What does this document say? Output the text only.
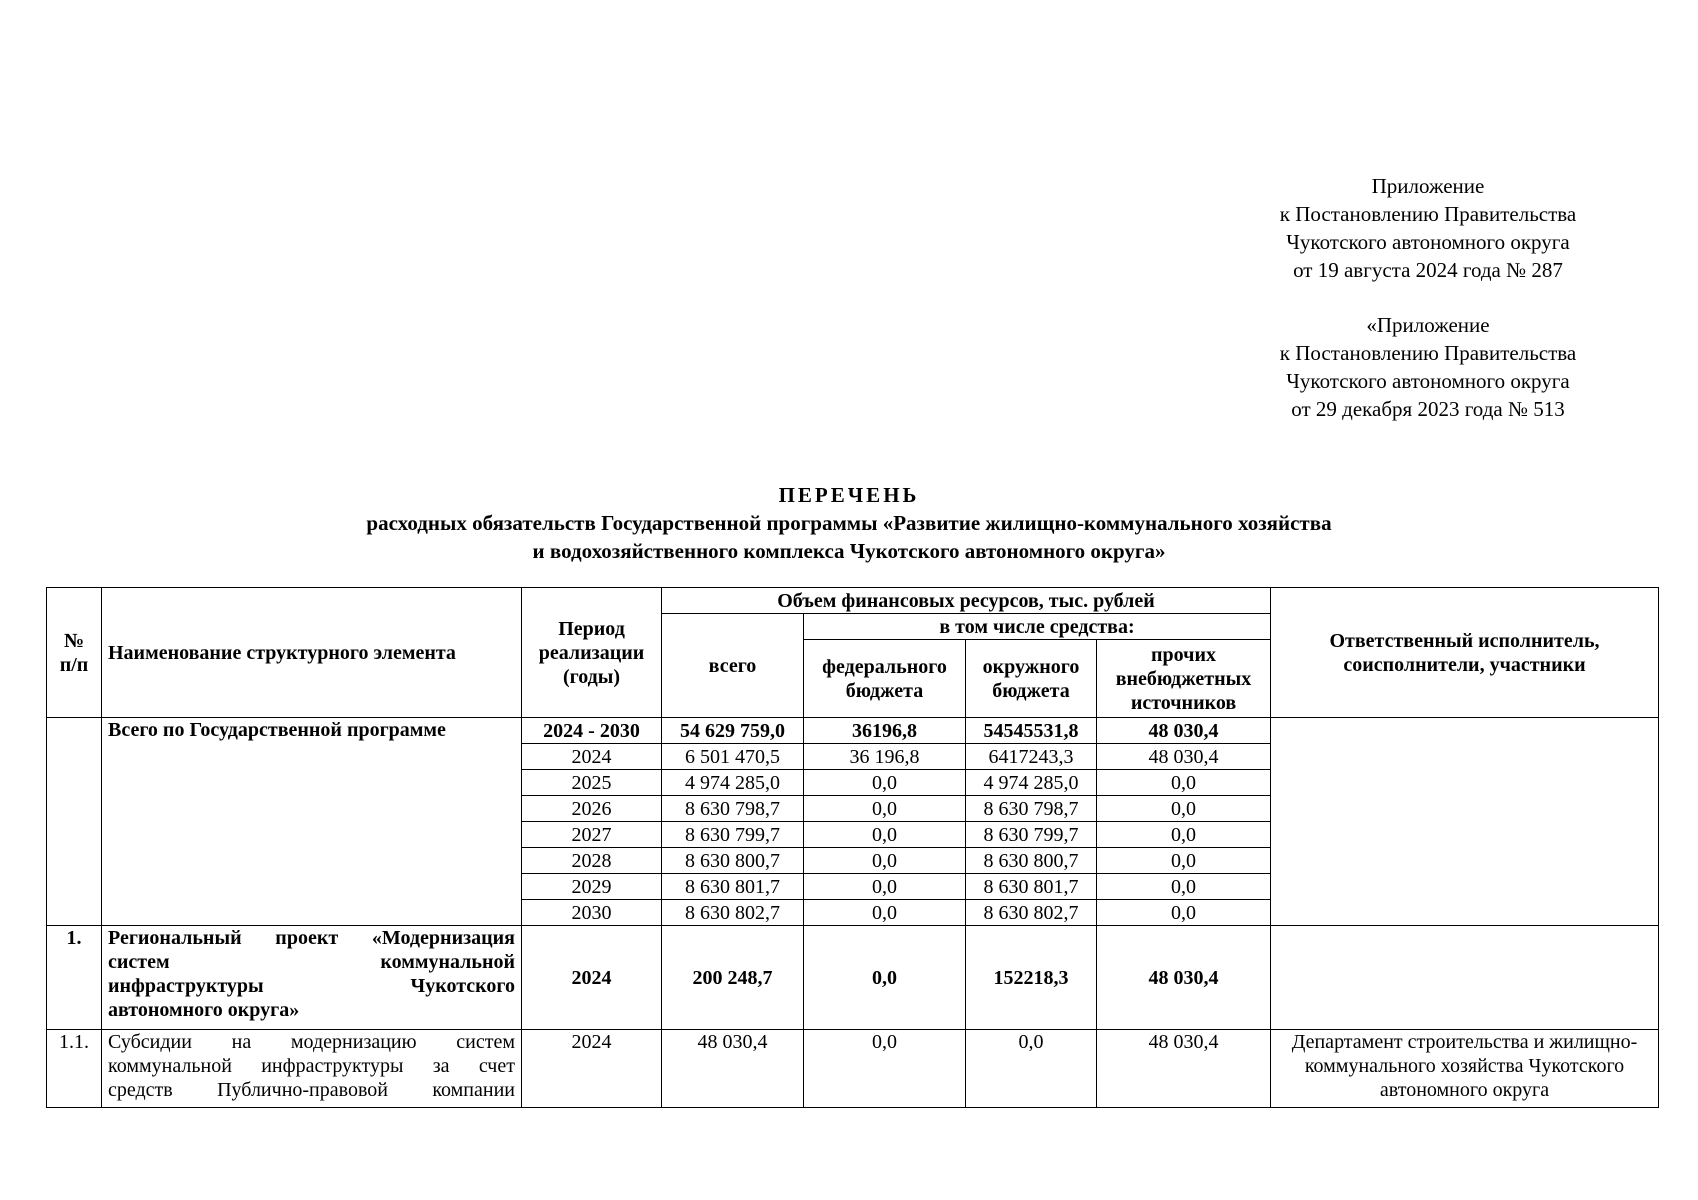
Приложение
к Постановлению Правительства
Чукотского автономного округа
от 19 августа 2024 года № 287
«Приложение
к Постановлению Правительства
Чукотского автономного округа
от 29 декабря 2023 года № 513
ПЕРЕЧЕНЬ
расходных обязательств Государственной программы «Развитие жилищно-коммунального хозяйства
и водохозяйственного комплекса Чукотского автономного округа»
№ п/п	Наименование структурного элемента	Период реализации (годы)	Объем финансовых ресурсов, тыс. рублей				Ответственный исполнитель, соисполнители, участники
			всего	в том числе средства:			
				федерального бюджета	окружного бюджета	прочих внебюджетных источников	
	Всего по Государственной программе	2024 - 2030	54 629 759,0	36196,8	54545531,8	48 030,4	
		2024	6 501 470,5	36 196,8	6417243,3	48 030,4	
		2025	4 974 285,0	0,0	4 974 285,0	0,0	
		2026	8 630 798,7	0,0	8 630 798,7	0,0	
		2027	8 630 799,7	0,0	8 630 799,7	0,0	
		2028	8 630 800,7	0,0	8 630 800,7	0,0	
		2029	8 630 801,7	0,0	8 630 801,7	0,0	
		2030	8 630 802,7	0,0	8 630 802,7	0,0	
1.	Региональный проект «Модернизация
систем коммунальной
инфраструктуры Чукотского
автономного округа»	2024	200 248,7	0,0	152218,3	48 030,4	
1.1.	Субсидии на модернизацию систем
коммунальной инфраструктуры за счет
средств Публично-правовой компании	2024	48 030,4	0,0	0,0	48 030,4	Департамент строительства и жилищно-коммунального хозяйства Чукотского автономного округа
